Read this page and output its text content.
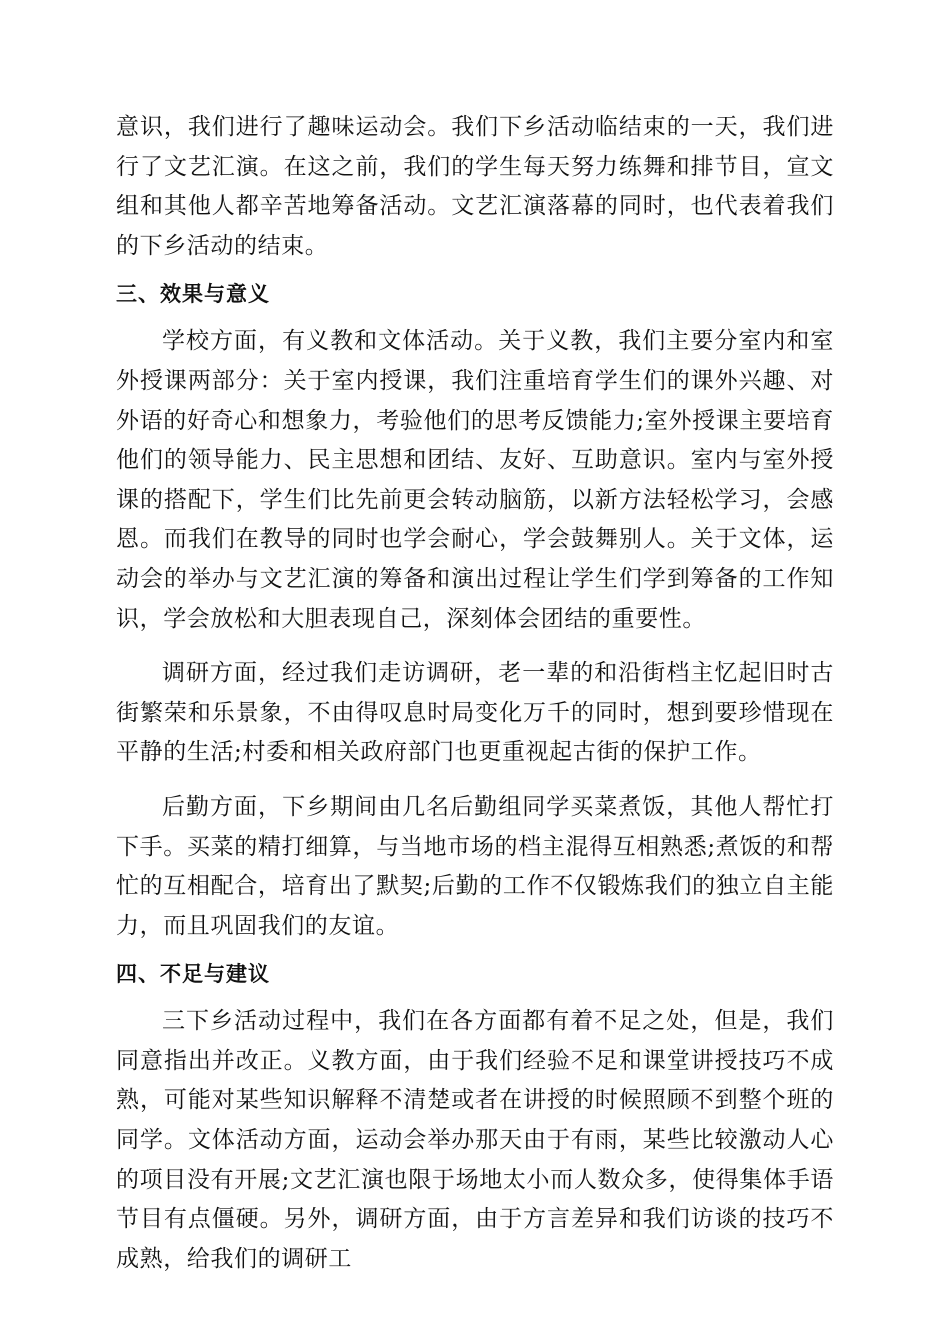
意识，我们进行了趣味运动会。我们下乡活动临结束的一天，我们进行了文艺汇演。在这之前，我们的学生每天努力练舞和排节目，宣文组和其他人都辛苦地筹备活动。文艺汇演落幕的同时，也代表着我们的下乡活动的结束。

三、效果与意义

学校方面，有义教和文体活动。关于义教，我们主要分室内和室外授课两部分：关于室内授课，我们注重培育学生们的课外兴趣、对外语的好奇心和想象力，考验他们的思考反馈能力;室外授课主要培育他们的领导能力、民主思想和团结、友好、互助意识。室内与室外授课的搭配下，学生们比先前更会转动脑筋，以新方法轻松学习，会感恩。而我们在教导的同时也学会耐心，学会鼓舞别人。关于文体，运动会的举办与文艺汇演的筹备和演出过程让学生们学到筹备的工作知识，学会放松和大胆表现自己，深刻体会团结的重要性。

调研方面，经过我们走访调研，老一辈的和沿街档主忆起旧时古街繁荣和乐景象，不由得叹息时局变化万千的同时，想到要珍惜现在平静的生活;村委和相关政府部门也更重视起古街的保护工作。

后勤方面，下乡期间由几名后勤组同学买菜煮饭，其他人帮忙打下手。买菜的精打细算，与当地市场的档主混得互相熟悉;煮饭的和帮忙的互相配合，培育出了默契;后勤的工作不仅锻炼我们的独立自主能力，而且巩固我们的友谊。

四、不足与建议

三下乡活动过程中，我们在各方面都有着不足之处，但是，我们同意指出并改正。义教方面，由于我们经验不足和课堂讲授技巧不成熟，可能对某些知识解释不清楚或者在讲授的时候照顾不到整个班的同学。文体活动方面，运动会举办那天由于有雨，某些比较激动人心的项目没有开展;文艺汇演也限于场地太小而人数众多，使得集体手语节目有点僵硬。另外，调研方面，由于方言差异和我们访谈的技巧不成熟，给我们的调研工
